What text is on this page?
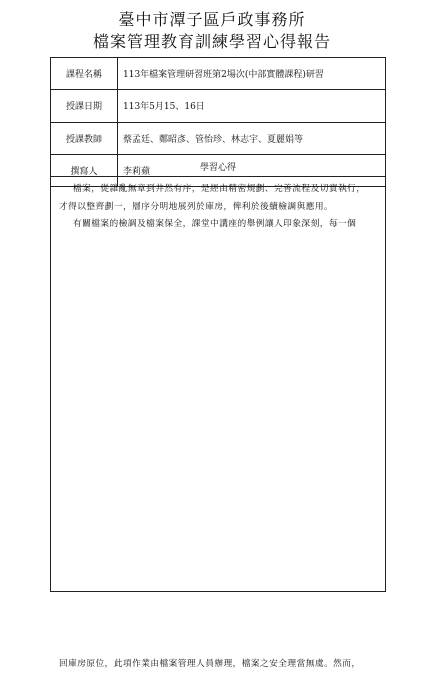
臺中市潭子區戶政事務所
檔案管理教育訓練學習心得報告
課程名稱	113年檔案管理研習班第2場次(中部實體課程)研習
授課日期	113年5月15、16日
授課教師	蔡孟廷、鄭昭彥、管怡珍、林志宇、夏麗娟等
撰寫人	李莉蘋	學習心得
檔案，從雜亂無章到井然有序，是經由精密規劃、完善流程及切實執行，
才得以整齊劃一，層序分明地展列於庫房，俾利於後續檢調與應用。
有關檔案的檢調及檔案保全，課堂中講座的舉例讓人印象深刻，每一個
回庫房原位，此項作業由檔案管理人員辦理，檔案之安全理當無虞。然而，
